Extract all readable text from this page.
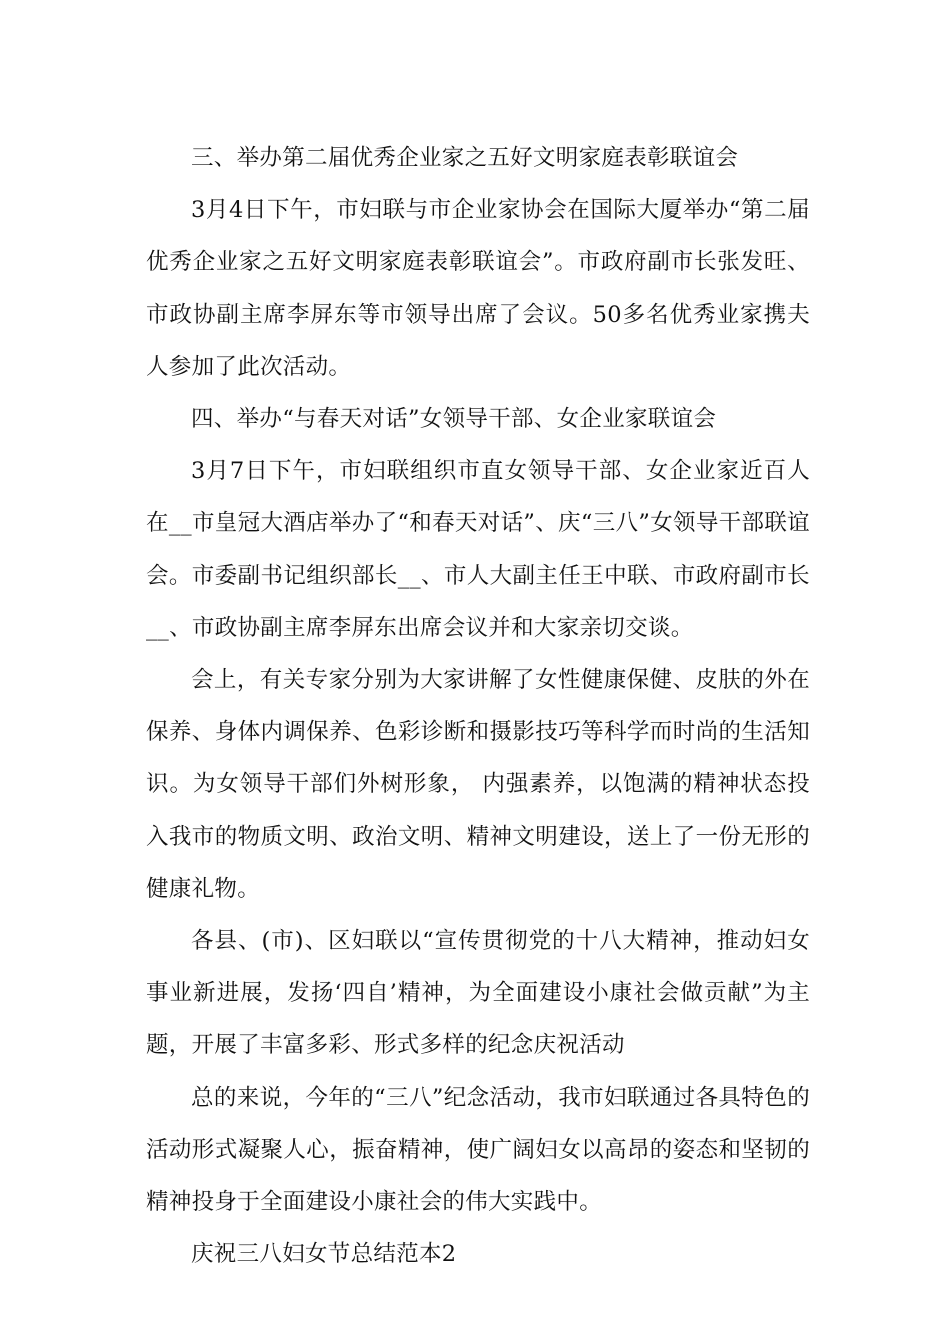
三、举办第二届优秀企业家之五好文明家庭表彰联谊会

3月4日下午，市妇联与市企业家协会在国际大厦举办“第二届优秀企业家之五好文明家庭表彰联谊会”。市政府副市长张发旺、市政协副主席李屏东等市领导出席了会议。50多名优秀业家携夫人参加了此次活动。

四、举办“与春天对话”女领导干部、女企业家联谊会

3月7日下午，市妇联组织市直女领导干部、女企业家近百人在__市皇冠大酒店举办了“和春天对话”、庆“三八”女领导干部联谊会。市委副书记组织部长__、市人大副主任王中联、市政府副市长__、市政协副主席李屏东出席会议并和大家亲切交谈。

会上，有关专家分别为大家讲解了女性健康保健、皮肤的外在保养、身体内调保养、色彩诊断和摄影技巧等科学而时尚的生活知识。为女领导干部们外树形象， 内强素养，以饱满的精神状态投入我市的物质文明、政治文明、精神文明建设，送上了一份无形的健康礼物。

各县、(市)、区妇联以“宣传贯彻党的十八大精神，推动妇女事业新进展，发扬‘四自’精神，为全面建设小康社会做贡献”为主题，开展了丰富多彩、形式多样的纪念庆祝活动

总的来说，今年的“三八”纪念活动，我市妇联通过各具特色的活动形式凝聚人心，振奋精神，使广阔妇女以高昂的姿态和坚韧的精神投身于全面建设小康社会的伟大实践中。

庆祝三八妇女节总结范本2
